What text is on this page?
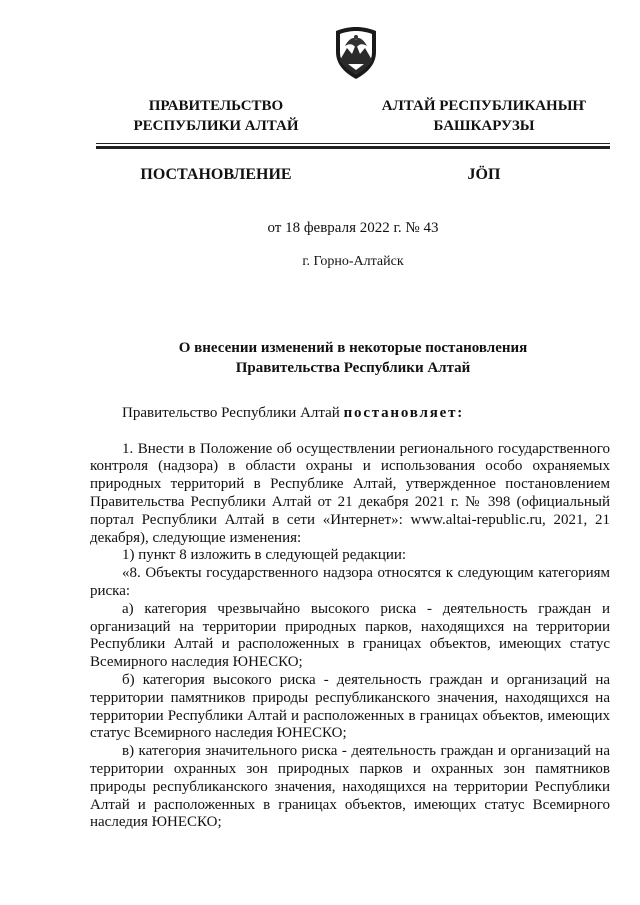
ПРАВИТЕЛЬСТВО
РЕСПУБЛИКИ АЛТАЙ
АЛТАЙ РЕСПУБЛИКАНЫҤ
БАШКАРУЗЫ
ПОСТАНОВЛЕНИЕ	JÖП
от 18 февраля 2022 г. № 43
г. Горно-Алтайск
О внесении изменений в некоторые постановления
Правительства Республики Алтай

Правительство Республики Алтай постановляет:

1. Внести в Положение об осуществлении регионального государственного контроля (надзора) в области охраны и использования особо охраняемых природных территорий в Республике Алтай, утвержденное постановлением Правительства Республики Алтай от 21 декабря 2021 г. № 398 (официальный портал Республики Алтай в сети «Интернет»: www.altai-republic.ru, 2021, 21 декабря), следующие изменения:

1) пункт 8 изложить в следующей редакции:

«8. Объекты государственного надзора относятся к следующим категориям риска:

а) категория чрезвычайно высокого риска - деятельность граждан и организаций на территории природных парков, находящихся на территории Республики Алтай и расположенных в границах объектов, имеющих статус Всемирного наследия ЮНЕСКО;

б) категория высокого риска - деятельность граждан и организаций на территории памятников природы республиканского значения, находящихся на территории Республики Алтай и расположенных в границах объектов, имеющих статус Всемирного наследия ЮНЕСКО;

в) категория значительного риска - деятельность граждан и организаций на территории охранных зон природных парков и охранных зон памятников природы республиканского значения, находящихся на территории Республики Алтай и расположенных в границах объектов, имеющих статус Всемирного наследия ЮНЕСКО;
